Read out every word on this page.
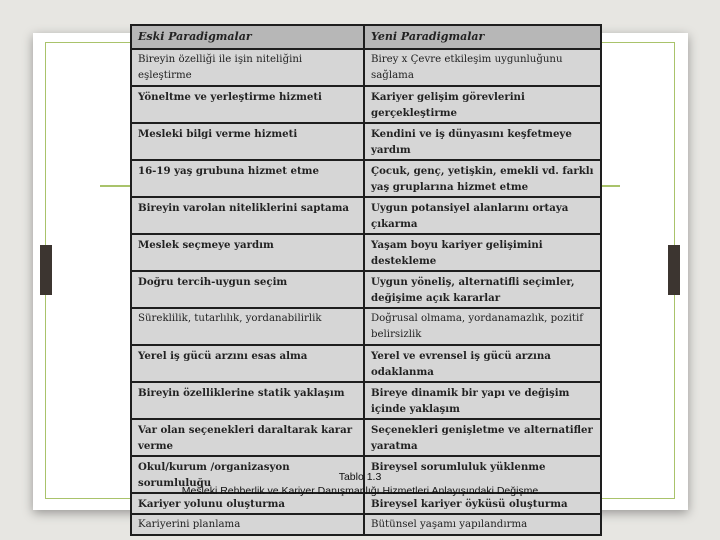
Eski Paradigmalar	Yeni Paradigmalar
Bireyin özelliği ile işin niteliğini eşleştirme	Birey x Çevre etkileşim uygunluğunu sağlama
Yöneltme ve yerleştirme hizmeti	Kariyer gelişim görevlerini gerçekleştirme
Mesleki bilgi verme hizmeti	Kendini ve iş dünyasını keşfetmeye yardım
16-19 yaş grubuna hizmet etme	Çocuk, genç, yetişkin, emekli vd. farklı yaş gruplarına hizmet etme
Bireyin varolan niteliklerini saptama	Uygun potansiyel alanlarını ortaya çıkarma
Meslek seçmeye yardım	Yaşam boyu kariyer gelişimini destekleme
Doğru tercih-uygun seçim	Uygun yöneliş, alternatifli seçimler, değişime açık kararlar
Süreklilik, tutarlılık, yordanabilirlik	Doğrusal olmama, yordanamazlık, pozitif belirsizlik
Yerel iş gücü arzını esas alma	Yerel ve evrensel iş gücü arzına odaklanma
Bireyin özelliklerine statik yaklaşım	Bireye dinamik bir yapı ve değişim içinde yaklaşım
Var olan seçenekleri daraltarak karar verme	Seçenekleri genişletme ve alternatifler yaratma
Okul/kurum /organizasyon sorumluluğu	Bireysel sorumluluk yüklenme
Kariyer yolunu oluşturma	Bireysel kariyer öyküsü oluşturma
Kariyerini planlama	Bütünsel yaşamı yapılandırma
Tablo 1.3
Mesleki Rehberlik ve Kariyer Danışmanlığı Hizmetleri Anlayışındaki Değişme
